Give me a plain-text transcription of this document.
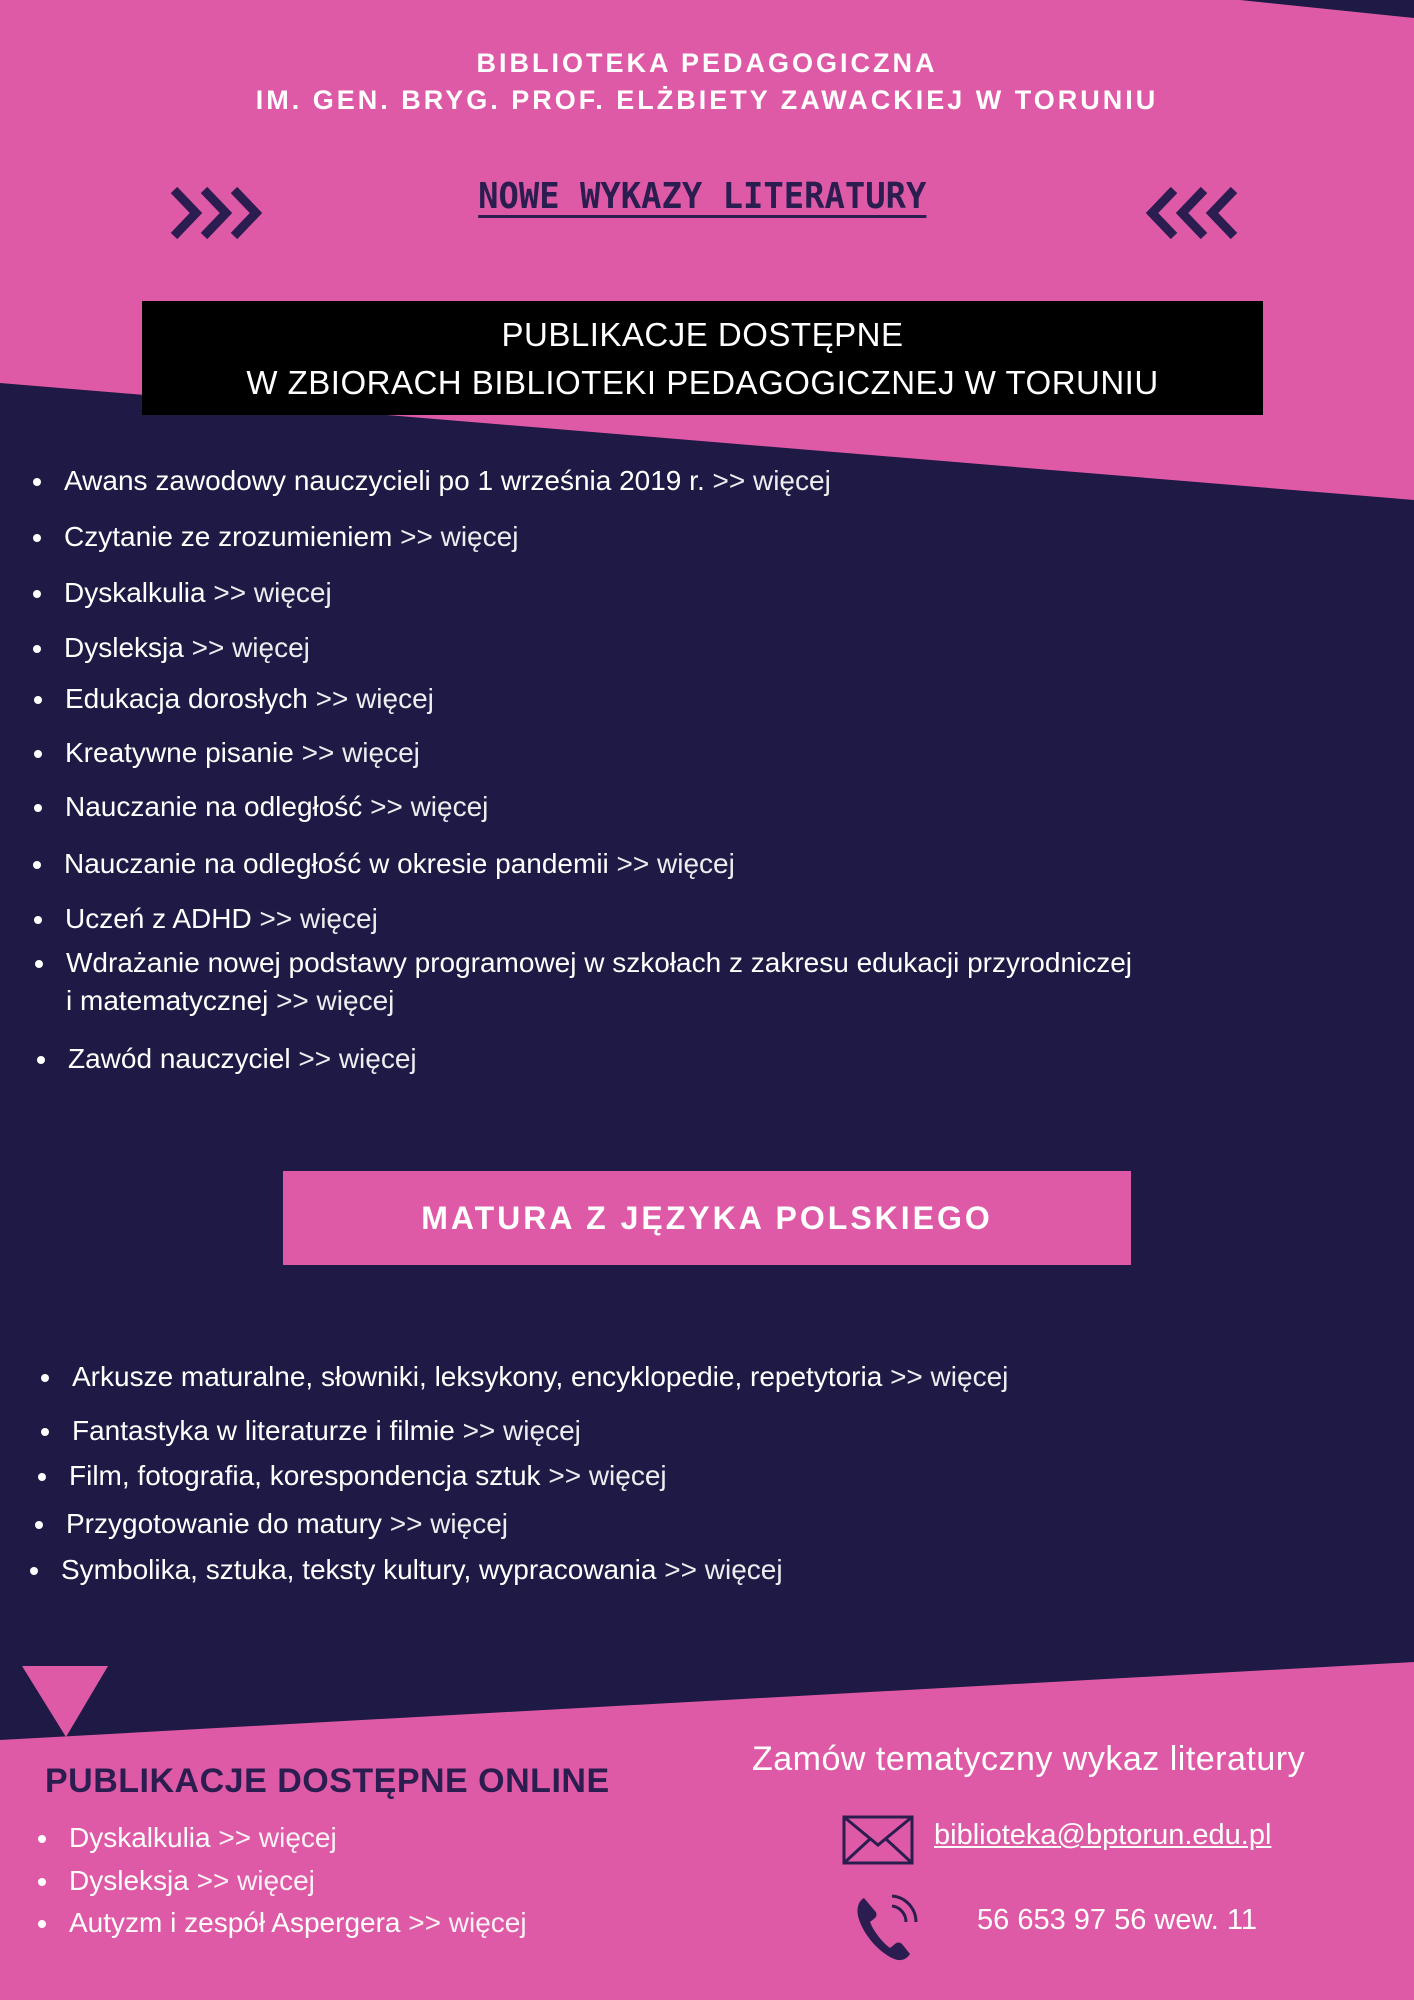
BIBLIOTEKA PEDAGOGICZNA
IM. GEN. BRYG. PROF. ELŻBIETY ZAWACKIEJ W TORUNIU
NOWE WYKAZY LITERATURY
PUBLIKACJE DOSTĘPNE
W ZBIORACH BIBLIOTEKI PEDAGOGICZNEJ W TORUNIU
Awans zawodowy nauczycieli po 1 września 2019 r. >> więcej
Czytanie ze zrozumieniem >> więcej
Dyskalkulia >> więcej
Dysleksja >> więcej
Edukacja dorosłych >> więcej
Kreatywne pisanie >> więcej
Nauczanie na odległość >> więcej
Nauczanie na odległość w okresie pandemii >> więcej
Uczeń z ADHD >> więcej
Wdrażanie nowej podstawy programowej w szkołach z zakresu edukacji przyrodniczej
i matematycznej >> więcej
Zawód nauczyciel >> więcej
MATURA Z JĘZYKA POLSKIEGO
Arkusze maturalne, słowniki, leksykony, encyklopedie, repetytoria >> więcej
Fantastyka w literaturze i filmie >> więcej
Film, fotografia, korespondencja sztuk >> więcej
Przygotowanie do matury >> więcej
Symbolika, sztuka, teksty kultury, wypracowania >> więcej
PUBLIKACJE DOSTĘPNE ONLINE
Dyskalkulia >> więcej
Dysleksja >> więcej
Autyzm i zespół Aspergera >> więcej
Zamów tematyczny wykaz literatury
biblioteka@bptorun.edu.pl
56 653 97 56 wew. 11
